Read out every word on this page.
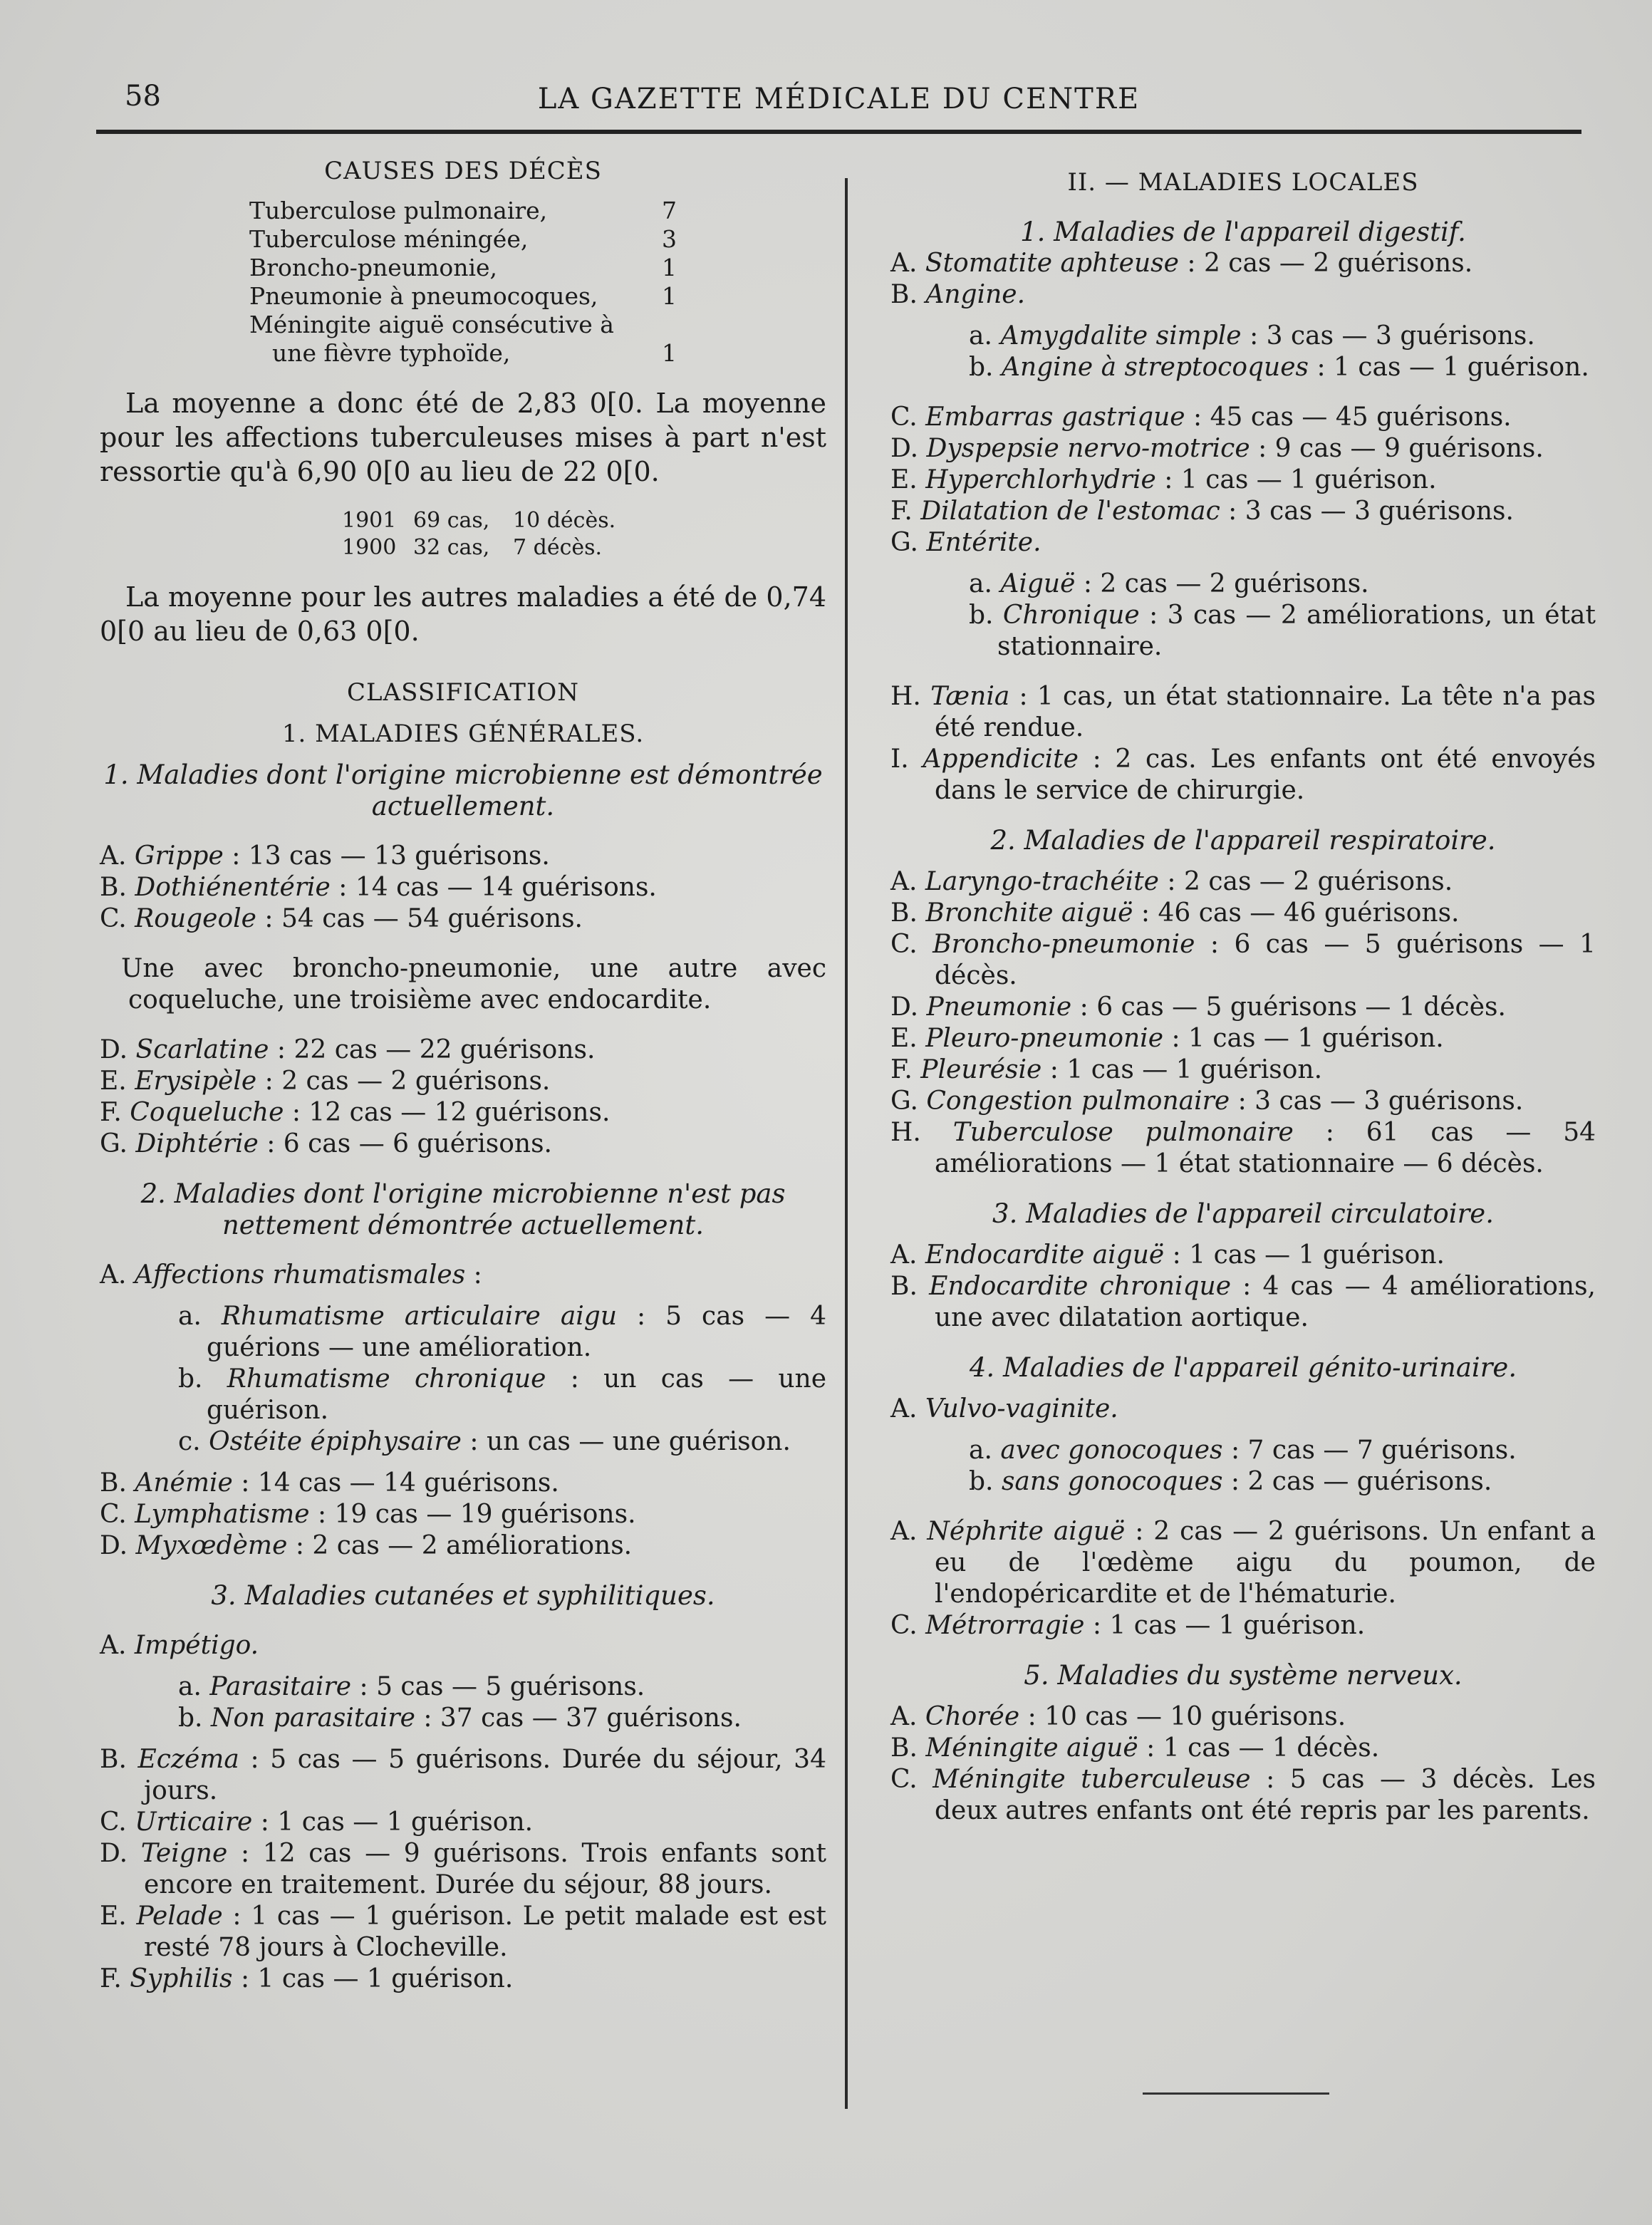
58	LA GAZETTE MÉDICALE DU CENTRE
CAUSES DES DÉCÈS
Tuberculose pulmonaire,	7
Tuberculose méningée,	3
Broncho-pneumonie,	1
Pneumonie à pneumocoques,	1
Méningite aiguë consécutive à
une fièvre typhoïde,	1

La moyenne a donc été de 2,83 0[0. La moyenne pour les affections tuberculeuses mises à part n'est ressortie qu'à 6,90 0[0 au lieu de 22 0[0.

1901 69 cas, 10 décès.
1900 32 cas, 7 décès.

La moyenne pour les autres maladies a été de 0,74 0[0 au lieu de 0,63 0[0.

CLASSIFICATION
1. MALADIES GÉNÉRALES.
1. Maladies dont l'origine microbienne est démontrée actuellement.

A. Grippe : 13 cas — 13 guérisons.

B. Dothiénentérie : 14 cas — 14 guérisons.

C. Rougeole : 54 cas — 54 guérisons.

Une avec broncho-pneumonie, une autre avec coqueluche, une troisième avec endocardite.

D. Scarlatine : 22 cas — 22 guérisons.

E. Erysipèle : 2 cas — 2 guérisons.

F. Coqueluche : 12 cas — 12 guérisons.

G. Diphtérie : 6 cas — 6 guérisons.

2. Maladies dont l'origine microbienne n'est pas nettement démontrée actuellement.

A. Affections rhumatismales :

a. Rhumatisme articulaire aigu : 5 cas — 4 guérions — une amélioration.

b. Rhumatisme chronique : un cas — une guérison.

c. Ostéite épiphysaire : un cas — une guérison.

B. Anémie : 14 cas — 14 guérisons.

C. Lymphatisme : 19 cas — 19 guérisons.

D. Myxœdème : 2 cas — 2 améliorations.

3. Maladies cutanées et syphilitiques.

A. Impétigo.

a. Parasitaire : 5 cas — 5 guérisons.

b. Non parasitaire : 37 cas — 37 guérisons.

B. Eczéma : 5 cas — 5 guérisons. Durée du séjour, 34 jours.

C. Urticaire : 1 cas — 1 guérison.

D. Teigne : 12 cas — 9 guérisons. Trois enfants sont encore en traitement. Durée du séjour, 88 jours.

E. Pelade : 1 cas — 1 guérison. Le petit malade est est resté 78 jours à Clocheville.

F. Syphilis : 1 cas — 1 guérison.

II. — MALADIES LOCALES
1. Maladies de l'appareil digestif.

A. Stomatite aphteuse : 2 cas — 2 guérisons.

B. Angine.

a. Amygdalite simple : 3 cas — 3 guérisons.

b. Angine à streptocoques : 1 cas — 1 guérison.

C. Embarras gastrique : 45 cas — 45 guérisons.

D. Dyspepsie nervo-motrice : 9 cas — 9 guérisons.

E. Hyperchlorhydrie : 1 cas — 1 guérison.

F. Dilatation de l'estomac : 3 cas — 3 guérisons.

G. Entérite.

a. Aiguë : 2 cas — 2 guérisons.

b. Chronique : 3 cas — 2 améliorations, un état stationnaire.

H. Tænia : 1 cas, un état stationnaire. La tête n'a pas été rendue.

I. Appendicite : 2 cas. Les enfants ont été envoyés dans le service de chirurgie.

2. Maladies de l'appareil respiratoire.

A. Laryngo-trachéite : 2 cas — 2 guérisons.

B. Bronchite aiguë : 46 cas — 46 guérisons.

C. Broncho-pneumonie : 6 cas — 5 guérisons — 1 décès.

D. Pneumonie : 6 cas — 5 guérisons — 1 décès.

E. Pleuro-pneumonie : 1 cas — 1 guérison.

F. Pleurésie : 1 cas — 1 guérison.

G. Congestion pulmonaire : 3 cas — 3 guérisons.

H. Tuberculose pulmonaire : 61 cas — 54 améliorations — 1 état stationnaire — 6 décès.

3. Maladies de l'appareil circulatoire.

A. Endocardite aiguë : 1 cas — 1 guérison.

B. Endocardite chronique : 4 cas — 4 améliorations, une avec dilatation aortique.

4. Maladies de l'appareil génito-urinaire.

A. Vulvo-vaginite.

a. avec gonocoques : 7 cas — 7 guérisons.

b. sans gonocoques : 2 cas — guérisons.

A. Néphrite aiguë : 2 cas — 2 guérisons. Un enfant a eu de l'œdème aigu du poumon, de l'endopéricardite et de l'hématurie.

C. Métrorragie : 1 cas — 1 guérison.

5. Maladies du système nerveux.

A. Chorée : 10 cas — 10 guérisons.

B. Méningite aiguë : 1 cas — 1 décès.

C. Méningite tuberculeuse : 5 cas — 3 décès. Les deux autres enfants ont été repris par les parents.
